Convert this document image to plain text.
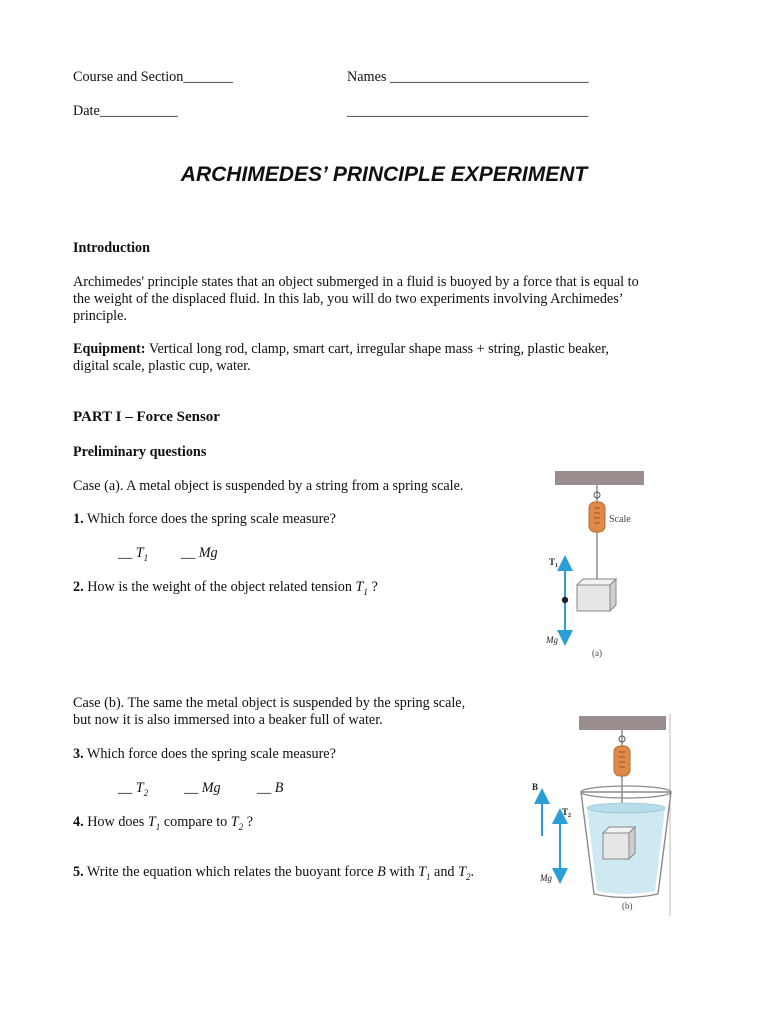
Course and Section_______	Names ____________________________
Date___________	__________________________________
ARCHIMEDES’ PRINCIPLE EXPERIMENT
Introduction
Archimedes' principle states that an object submerged in a fluid is buoyed by a force that is equal to
the weight of the displaced fluid. In this lab, you will do two experiments involving Archimedes’
principle.
Equipment: Vertical long rod, clamp, smart cart, irregular shape mass + string, plastic beaker,
digital scale, plastic cup, water.
PART I – Force Sensor
Preliminary questions
Case (a). A metal object is suspended by a string from a spring scale.
1. Which force does the spring scale measure?
__ $T_1$ __ Mg
2. How is the weight of the object related tension $T_1$ ?
Case (b). The same the metal object is suspended by the spring scale,
but now it is also immersed into a beaker full of water.
3. Which force does the spring scale measure?
__ $T_2$	__ Mg	__ B
4. How does $T_1$ compare to $T_2$ ?
5. Write the equation which relates the buoyant force B with $T_1$ and $T_2$.
Scale
$T_1$
Mg
(a)
B
$T_2$
Mg
(b)
